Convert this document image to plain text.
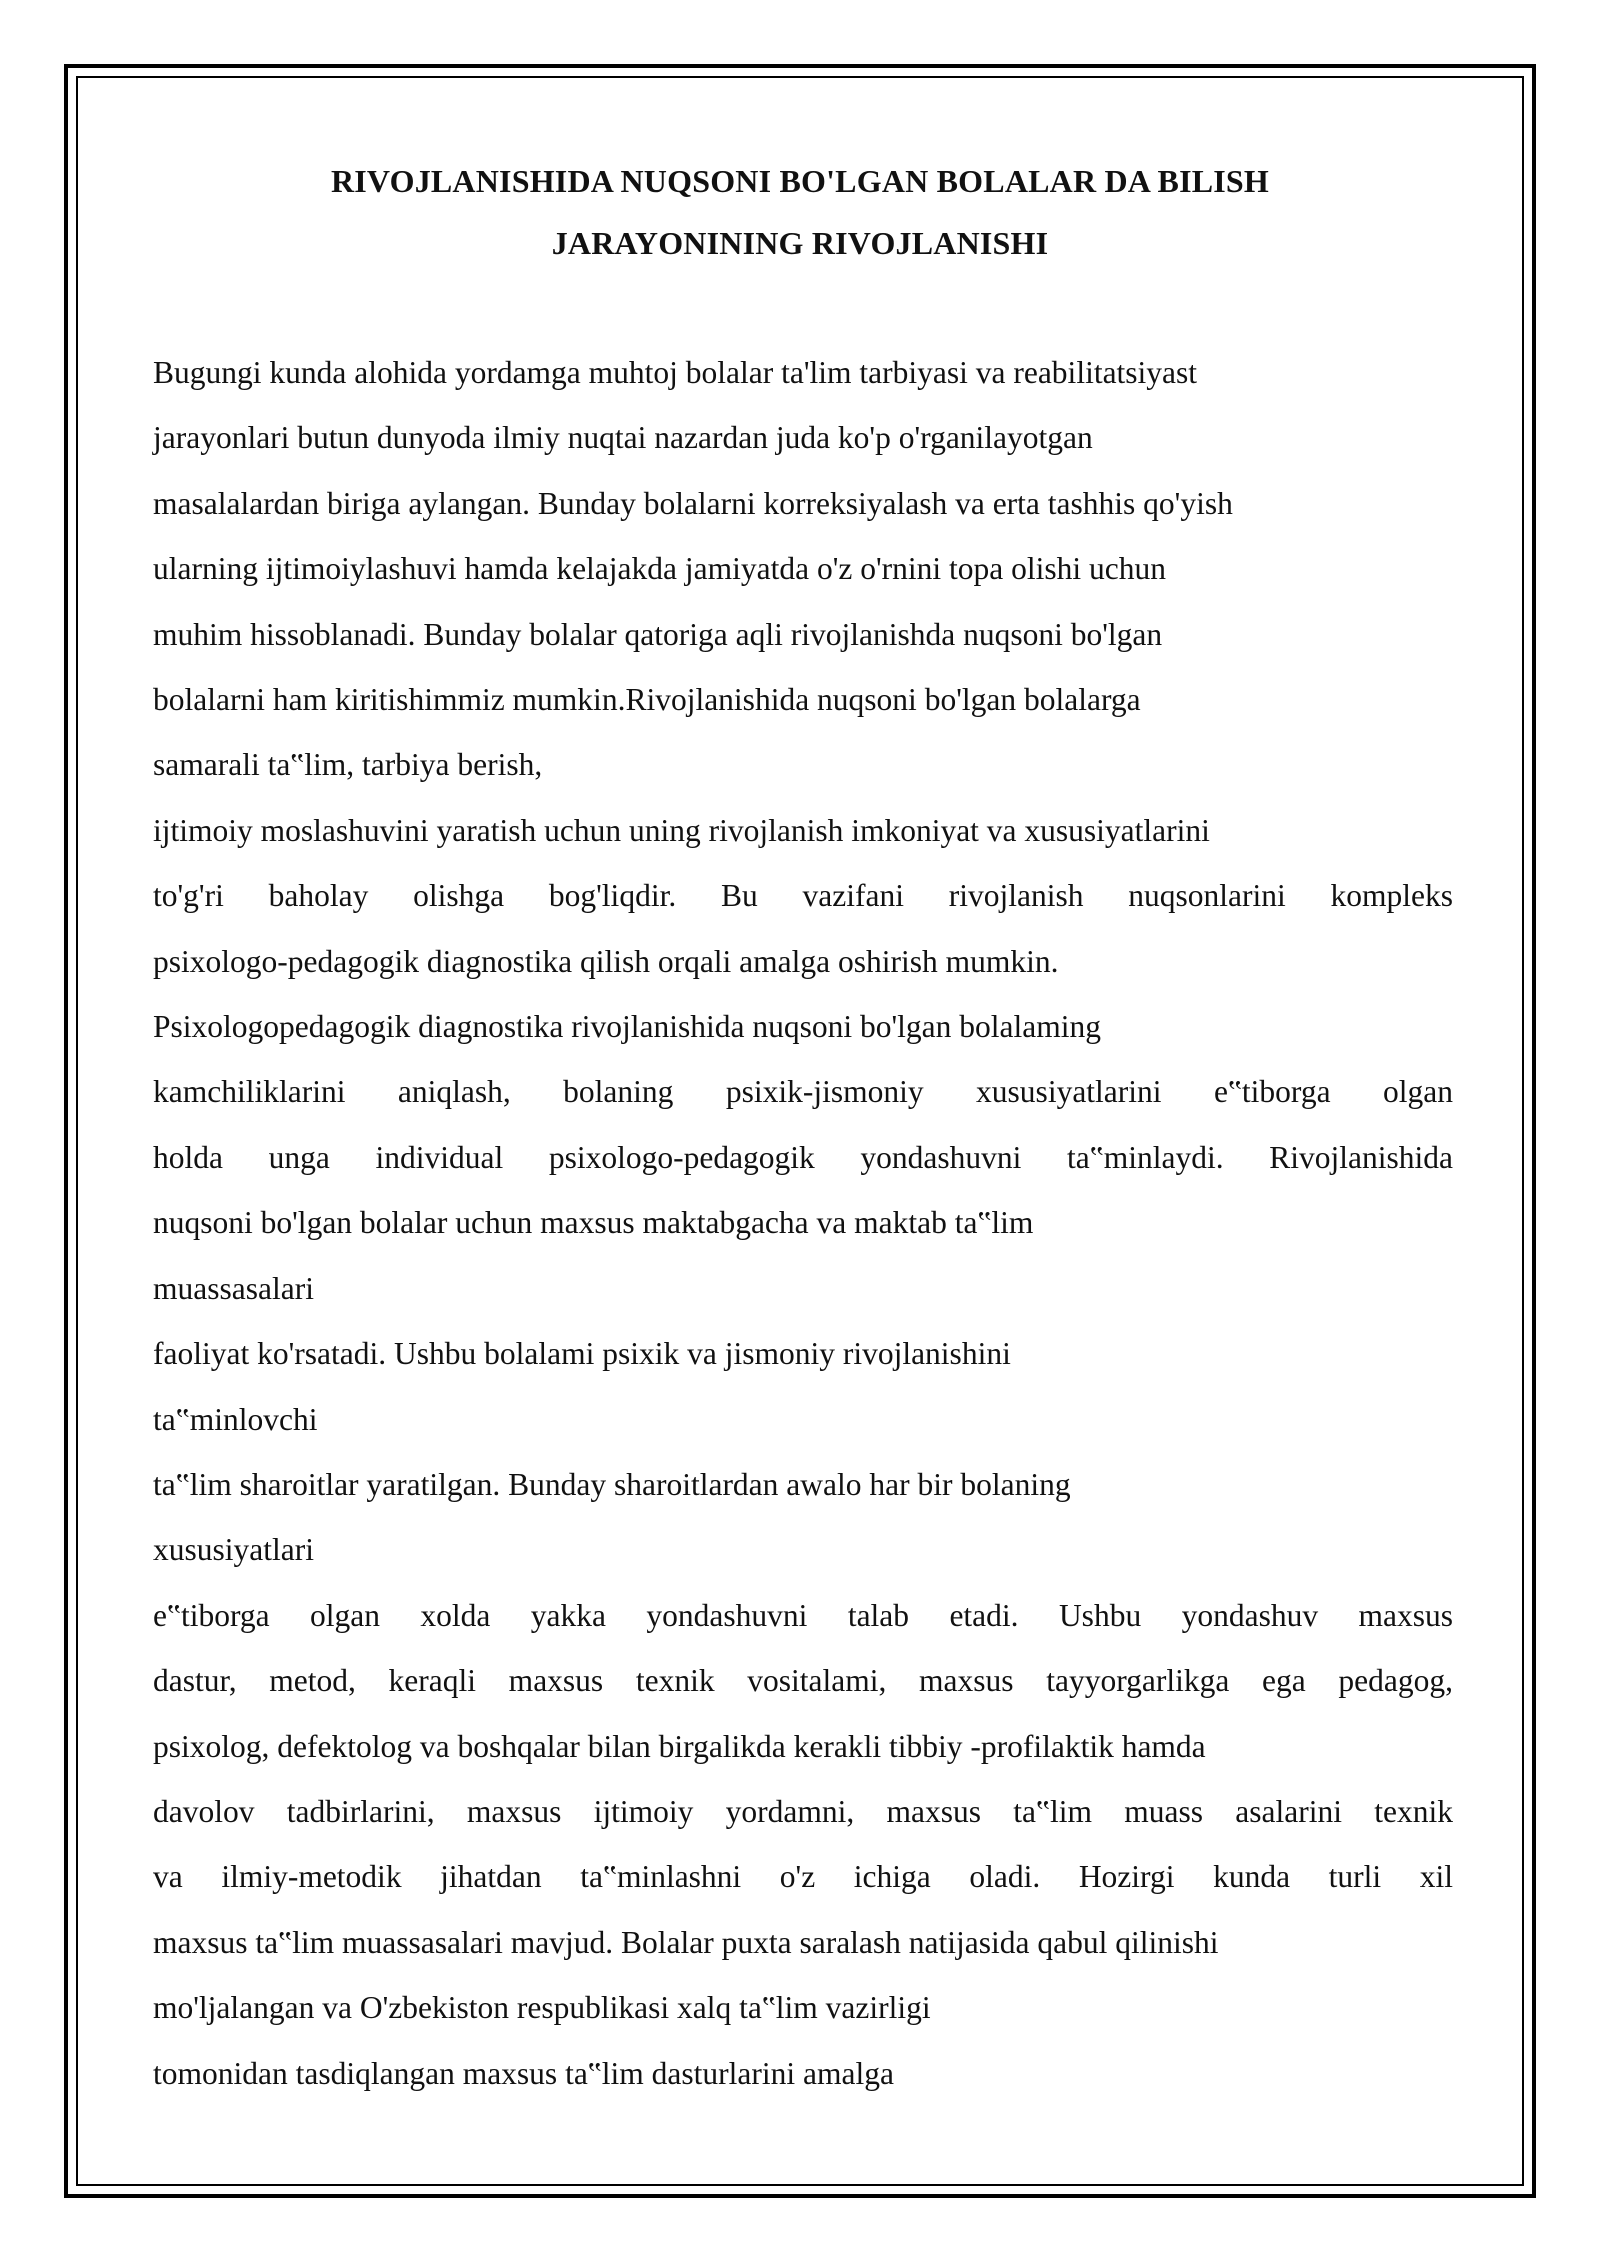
RIVOJLANISHIDA NUQSONI BO'LGAN BOLALAR DA BILISH
JARAYONINING RIVOJLANISHI
Bugungi kunda alohida yordamga muhtoj bolalar ta'lim tarbiyasi va reabilitatsiyast
jarayonlari butun dunyoda ilmiy nuqtai nazardan juda ko'p o'rganilayotgan
masalalardan biriga aylangan. Bunday bolalarni korreksiyalash va erta tashhis qo'yish
ularning ijtimoiylashuvi hamda kelajakda jamiyatda o'z o'rnini topa olishi uchun
muhim hissoblanadi. Bunday bolalar qatoriga aqli rivojlanishda nuqsoni bo'lgan
bolalarni ham kiritishimmiz mumkin.Rivojlanishida nuqsoni bo'lgan bolalarga
samarali ta‟lim, tarbiya berish,
ijtimoiy moslashuvini yaratish uchun uning rivojlanish imkoniyat va xususiyatlarini
to'g'ri baholay olishga bog'liqdir. Bu vazifani rivojlanish nuqsonlarini kompleks
psixologo-pedagogik diagnostika qilish orqali amalga oshirish mumkin.
Psixologopedagogik diagnostika rivojlanishida nuqsoni bo'lgan bolalaming
kamchiliklarini aniqlash, bolaning psixik-jismoniy xususiyatlarini e‟tiborga olgan
holda unga individual psixologo-pedagogik yondashuvni ta‟minlaydi. Rivojlanishida
nuqsoni bo'lgan bolalar uchun maxsus maktabgacha va maktab ta‟lim
muassasalari
faoliyat ko'rsatadi. Ushbu bolalami psixik va jismoniy rivojlanishini
ta‟minlovchi
ta‟lim sharoitlar yaratilgan. Bunday sharoitlardan awalo har bir bolaning
xususiyatlari
e‟tiborga olgan xolda yakka yondashuvni talab etadi. Ushbu yondashuv maxsus
dastur, metod, keraqli maxsus texnik vositalami, maxsus tayyorgarlikga ega pedagog,
psixolog, defektolog va boshqalar bilan birgalikda kerakli tibbiy -profilaktik hamda
davolov tadbirlarini, maxsus ijtimoiy yordamni, maxsus ta‟lim muass asalarini texnik
va ilmiy-metodik jihatdan ta‟minlashni o'z ichiga oladi. Hozirgi kunda turli xil
maxsus ta‟lim muassasalari mavjud. Bolalar puxta saralash natijasida qabul qilinishi
mo'ljalangan va O'zbekiston respublikasi xalq ta‟lim vazirligi
tomonidan tasdiqlangan maxsus ta‟lim dasturlarini amalga
